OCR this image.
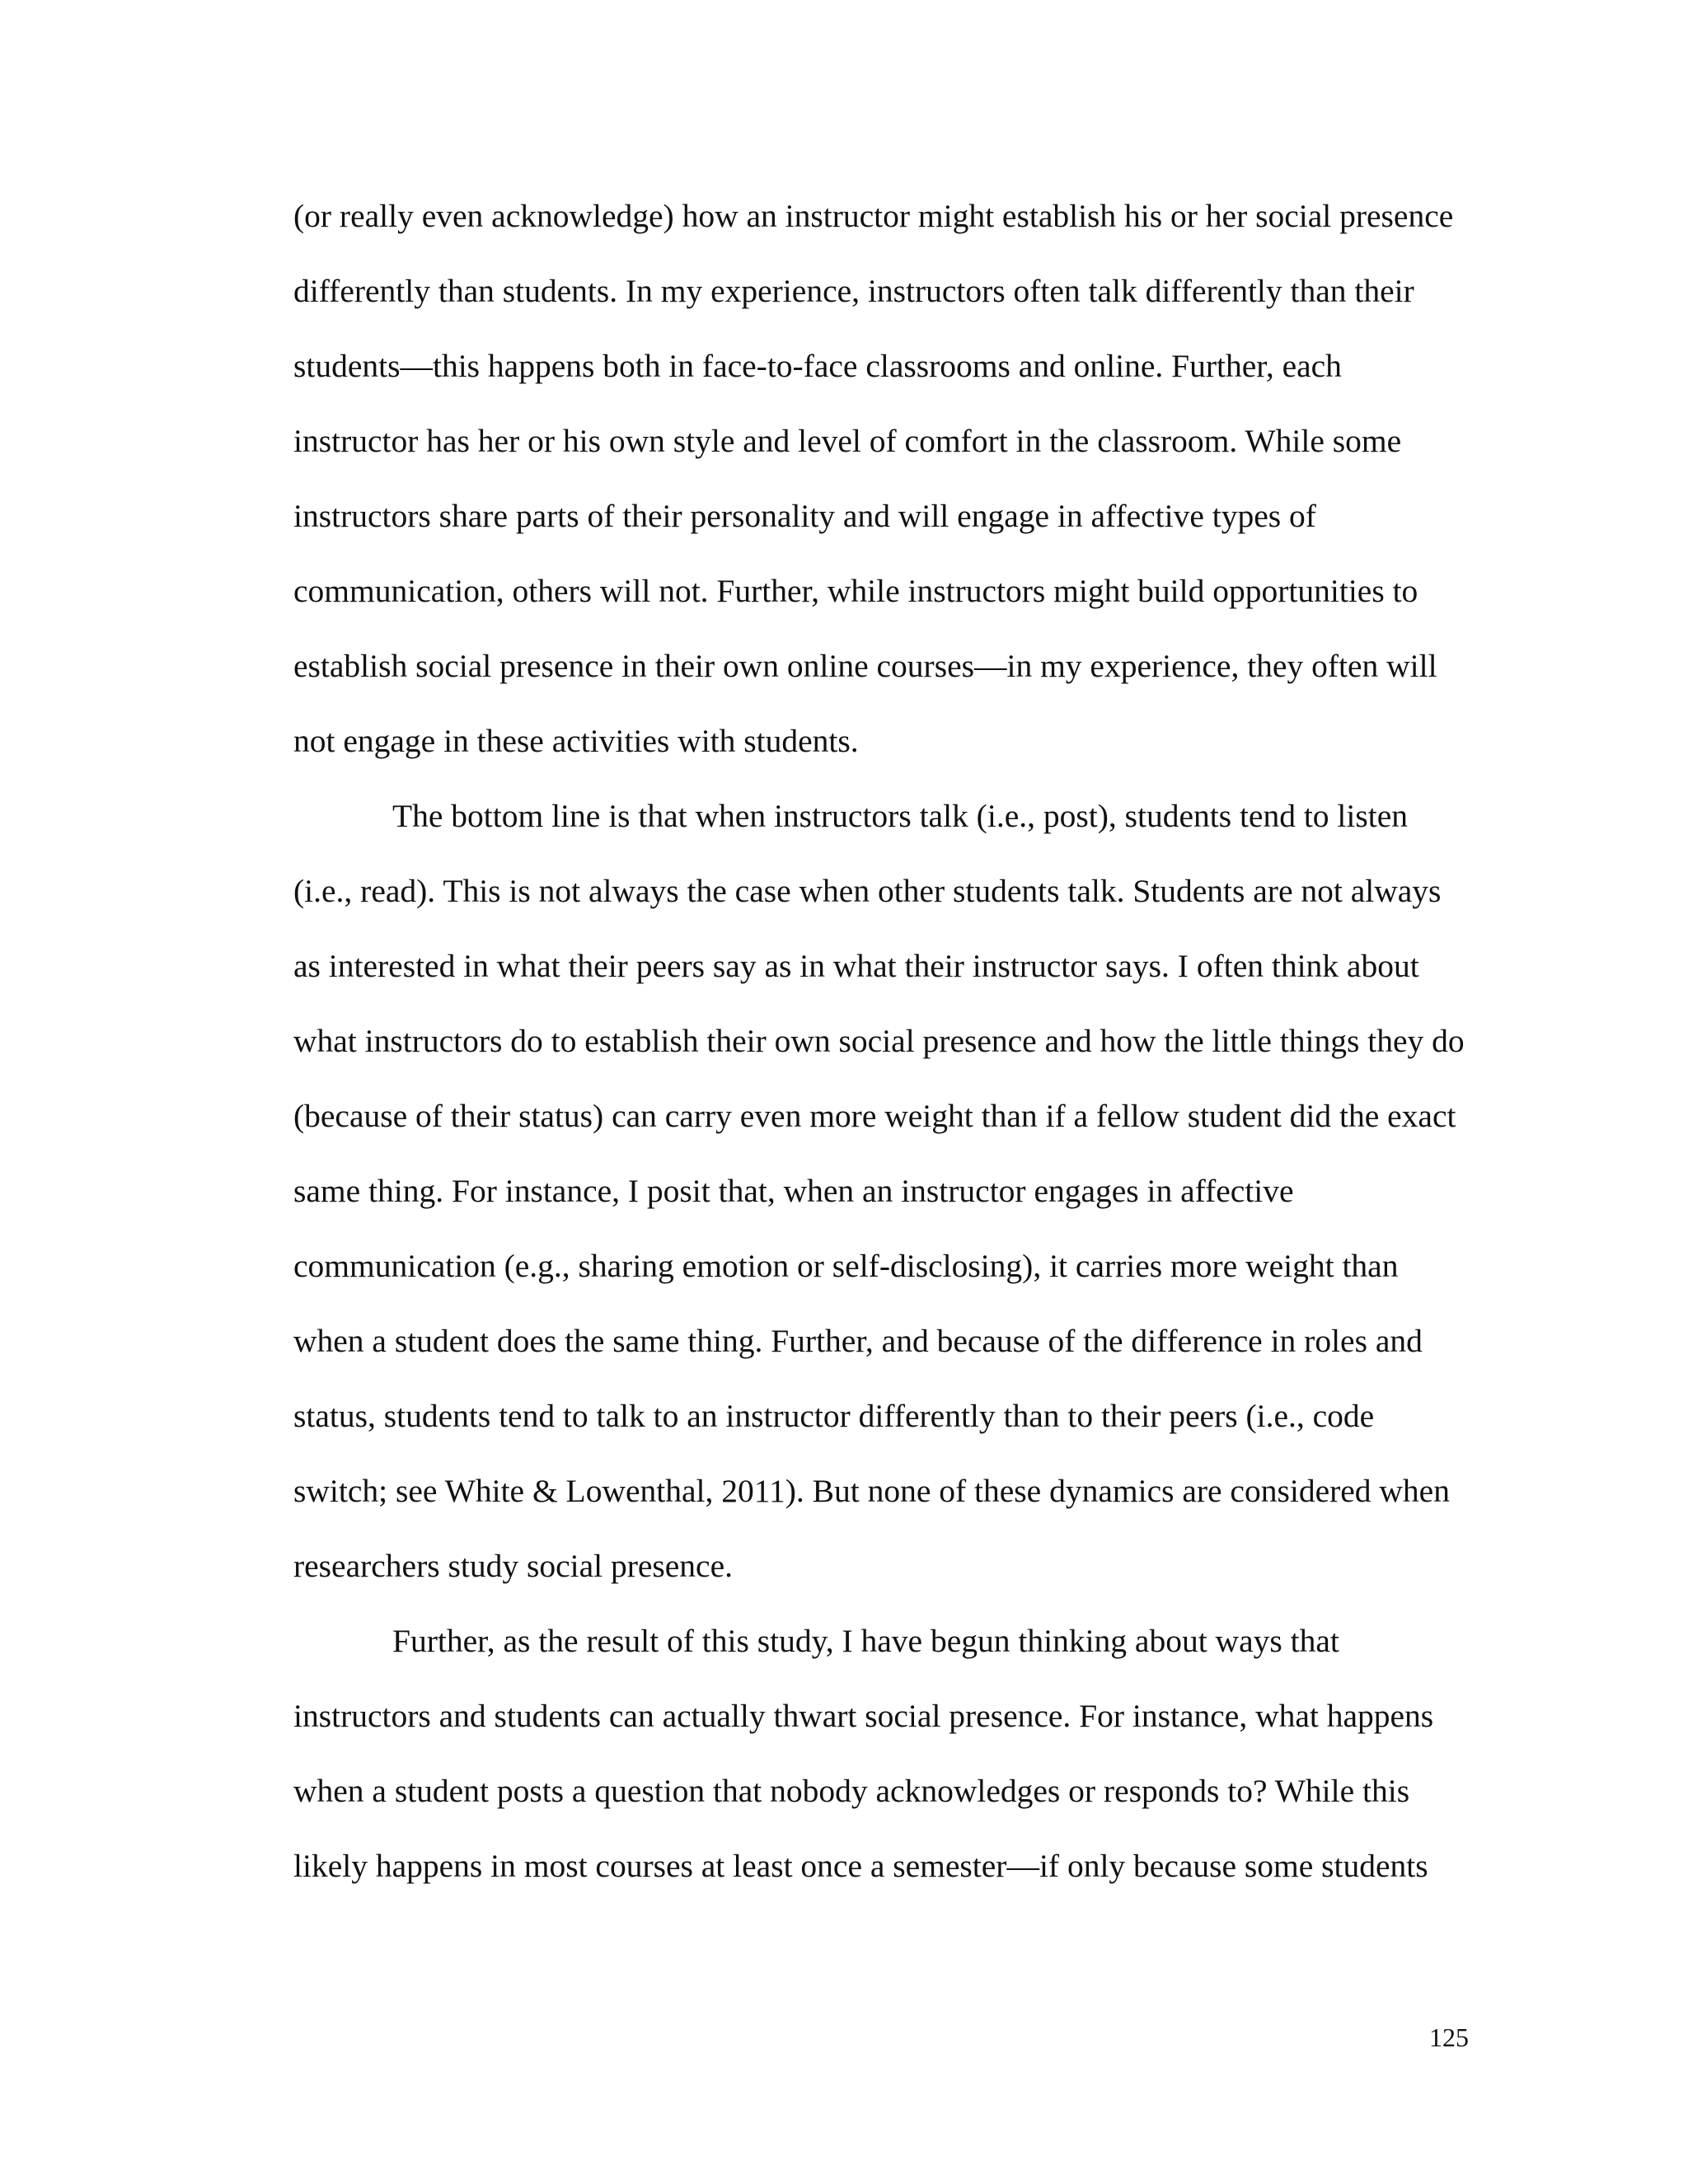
(or really even acknowledge) how an instructor might establish his or her social presence
differently than students. In my experience, instructors often talk differently than their
students—this happens both in face-to-face classrooms and online. Further, each
instructor has her or his own style and level of comfort in the classroom. While some
instructors share parts of their personality and will engage in affective types of
communication, others will not. Further, while instructors might build opportunities to
establish social presence in their own online courses—in my experience, they often will
not engage in these activities with students.
The bottom line is that when instructors talk (i.e., post), students tend to listen
(i.e., read). This is not always the case when other students talk. Students are not always
as interested in what their peers say as in what their instructor says. I often think about
what instructors do to establish their own social presence and how the little things they do
(because of their status) can carry even more weight than if a fellow student did the exact
same thing. For instance, I posit that, when an instructor engages in affective
communication (e.g., sharing emotion or self-disclosing), it carries more weight than
when a student does the same thing. Further, and because of the difference in roles and
status, students tend to talk to an instructor differently than to their peers (i.e., code
switch; see White & Lowenthal, 2011). But none of these dynamics are considered when
researchers study social presence.
Further, as the result of this study, I have begun thinking about ways that
instructors and students can actually thwart social presence. For instance, what happens
when a student posts a question that nobody acknowledges or responds to? While this
likely happens in most courses at least once a semester—if only because some students
125
